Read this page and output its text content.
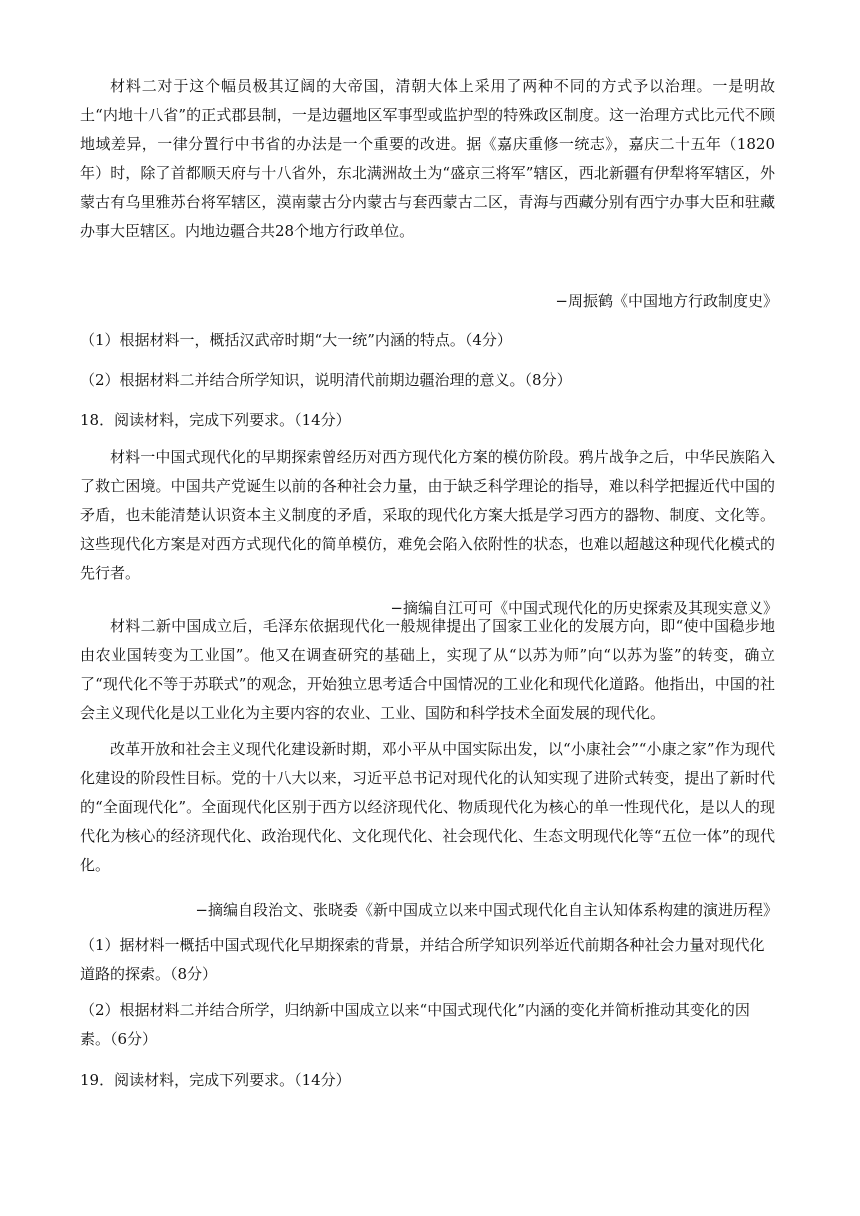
材料二对于这个幅员极其辽阔的大帝国，清朝大体上采用了两种不同的方式予以治理。一是明故土“内地十八省”的正式郡县制，一是边疆地区军事型或监护型的特殊政区制度。这一治理方式比元代不顾地域差异，一律分置行中书省的办法是一个重要的改进。据《嘉庆重修一统志》，嘉庆二十五年（1820年）时，除了首都顺天府与十八省外，东北满洲故土为“盛京三将军”辖区，西北新疆有伊犁将军辖区，外蒙古有乌里雅苏台将军辖区，漠南蒙古分内蒙古与套西蒙古二区，青海与西藏分别有西宁办事大臣和驻藏办事大臣辖区。内地边疆合共28个地方行政单位。

−周振鹤《中国地方行政制度史》

（1）根据材料一，概括汉武帝时期“大一统”内涵的特点。（4分）

（2）根据材料二并结合所学知识，说明清代前期边疆治理的意义。（8分）

18．阅读材料，完成下列要求。（14分）

材料一中国式现代化的早期探索曾经历对西方现代化方案的模仿阶段。鸦片战争之后，中华民族陷入了救亡困境。中国共产党诞生以前的各种社会力量，由于缺乏科学理论的指导，难以科学把握近代中国的矛盾，也未能清楚认识资本主义制度的矛盾，采取的现代化方案大抵是学习西方的器物、制度、文化等。这些现代化方案是对西方式现代化的简单模仿，难免会陷入依附性的状态，也难以超越这种现代化模式的先行者。

−摘编自江可可《中国式现代化的历史探索及其现实意义》

材料二新中国成立后，毛泽东依据现代化一般规律提出了国家工业化的发展方向，即“使中国稳步地由农业国转变为工业国”。他又在调查研究的基础上，实现了从“以苏为师”向“以苏为鉴”的转变，确立了“现代化不等于苏联式”的观念，开始独立思考适合中国情况的工业化和现代化道路。他指出，中国的社会主义现代化是以工业化为主要内容的农业、工业、国防和科学技术全面发展的现代化。

改革开放和社会主义现代化建设新时期，邓小平从中国实际出发，以“小康社会”“小康之家”作为现代化建设的阶段性目标。党的十八大以来，习近平总书记对现代化的认知实现了进阶式转变，提出了新时代的“全面现代化”。全面现代化区别于西方以经济现代化、物质现代化为核心的单一性现代化，是以人的现代化为核心的经济现代化、政治现代化、文化现代化、社会现代化、生态文明现代化等“五位一体”的现代化。

−摘编自段治文、张晓委《新中国成立以来中国式现代化自主认知体系构建的演进历程》

（1）据材料一概括中国式现代化早期探索的背景，并结合所学知识列举近代前期各种社会力量对现代化道路的探索。（8分）

（2）根据材料二并结合所学，归纳新中国成立以来“中国式现代化”内涵的变化并简析推动其变化的因素。（6分）

19．阅读材料，完成下列要求。（14分）
